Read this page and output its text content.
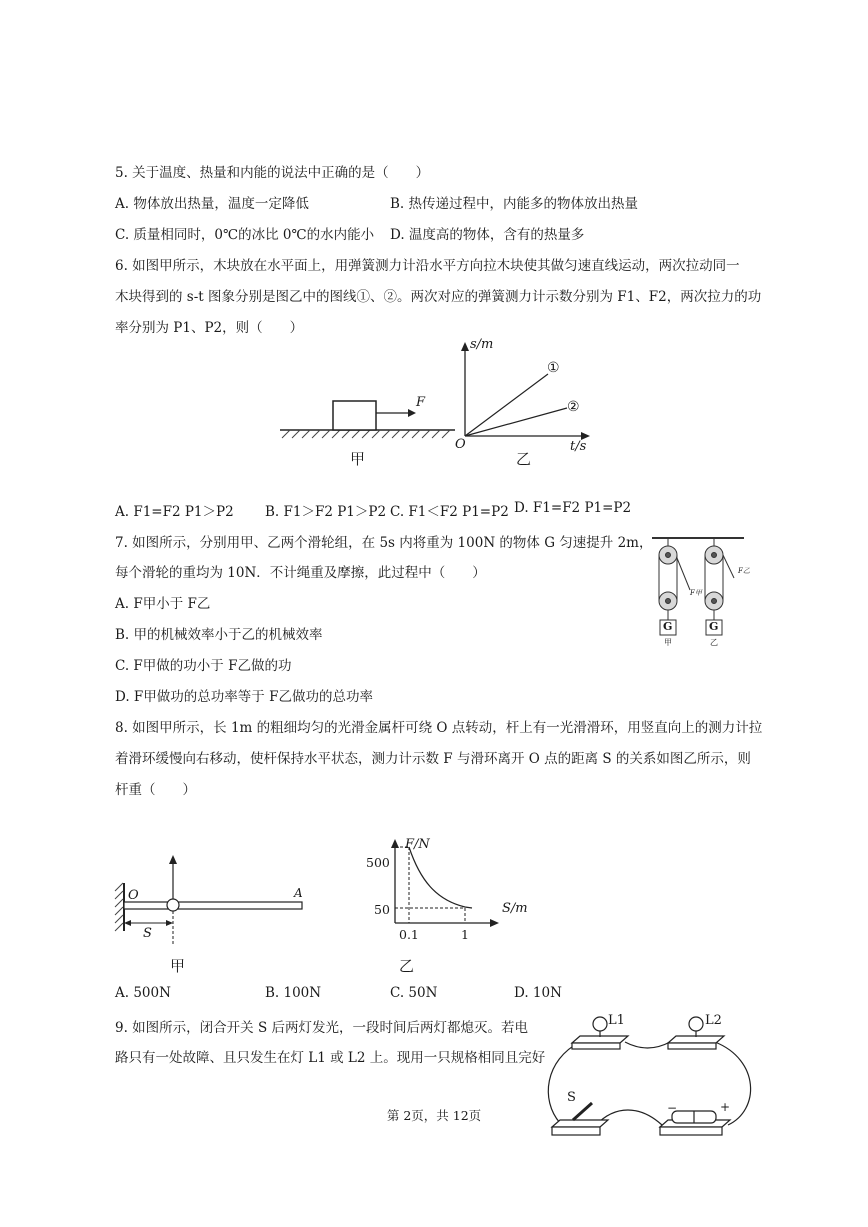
5. 关于温度、热量和内能的说法中正确的是（　　）
A. 物体放出热量，温度一定降低	B. 热传递过程中，内能多的物体放出热量
C. 质量相同时，0℃的冰比 0℃的水内能小 D. 温度高的物体，含有的热量多
6. 如图甲所示，木块放在水平面上，用弹簧测力计沿水平方向拉木块使其做匀速直线运动，两次拉动同一
木块得到的 s-t 图象分别是图乙中的图线①、②。两次对应的弹簧测力计示数分别为 F1、F2，两次拉力的功
率分别为 P1、P2，则（　　）
F
甲
s/m
t/s
O
①
②
乙
A. F1=F2 P1＞P2 B. F1＞F2 P1＞P2 C. F1＜F2 P1=P2 D. F1=F2 P1=P2
7. 如图所示，分别用甲、乙两个滑轮组，在 5s 内将重为 100N 的物体 G 匀速提升 2m，
每个滑轮的重均为 10N．不计绳重及摩擦，此过程中（　　）
A. F甲小于 F乙
B. 甲的机械效率小于乙的机械效率
C. F甲做的功小于 F乙做的功
D. F甲做功的总功率等于 F乙做功的总功率
G	G
F甲
F乙
甲	乙
8. 如图甲所示，长 1m 的粗细均匀的光滑金属杆可绕 O 点转动，杆上有一光滑滑环，用竖直向上的测力计拉
着滑环缓慢向右移动，使杆保持水平状态，测力计示数 F 与滑环离开 O 点的距离 S 的关系如图乙所示，则
杆重（　　）
O	A
S
甲
F/N
S/m
500
50
0.1	1
乙
A. 500N	B. 100N	C. 50N	D. 10N
9. 如图所示，闭合开关 S 后两灯发光，一段时间后两灯都熄灭。若电
路只有一处故障、且只发生在灯 L1 或 L2 上。现用一只规格相同且完好
L1	L2
S
−	+
第 2页，共 12页
